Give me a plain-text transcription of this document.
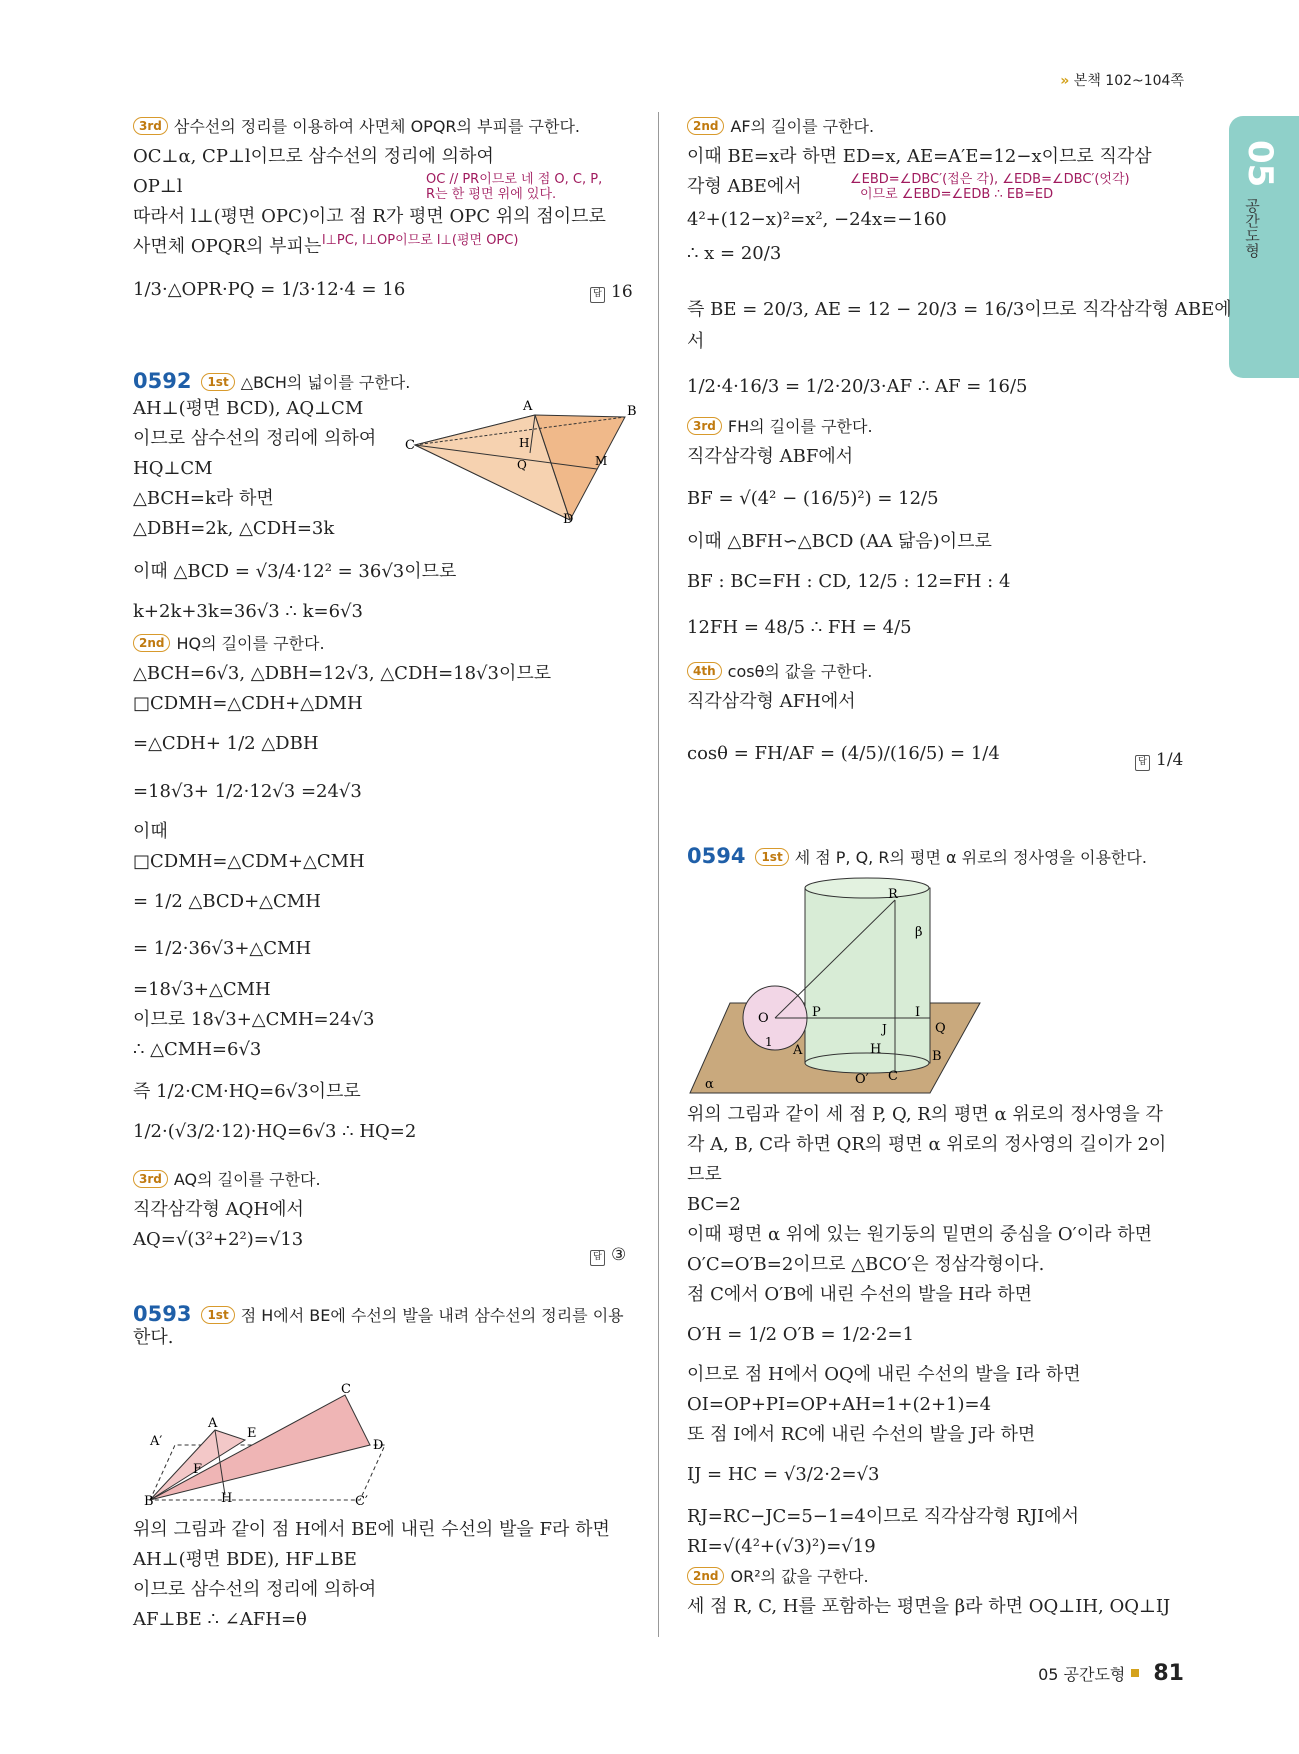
» 본책 102~104쪽
05
공간도형
3rd 삼수선의 정리를 이용하여 사면체 OPQR의 부피를 구한다.
OC⊥α, CP⊥l이므로 삼수선의 정리에 의하여
OP⊥l
따라서 l⊥(평면 OPC)이고 점 R가 평면 OPC 위의 점이므로
사면체 OPQR의 부피는
1/3·△OPR·PQ = 1/3·12·4 = 16
0592 1st △BCH의 넓이를 구한다.
AH⊥(평면 BCD), AQ⊥CM
이므로 삼수선의 정리에 의하여
HQ⊥CM
△BCH=k라 하면
△DBH=2k, △CDH=3k
이때 △BCD = √3/4·12² = 36√3이므로
k+2k+3k=36√3 ∴ k=6√3
2nd HQ의 길이를 구한다.
△BCH=6√3, △DBH=12√3, △CDH=18√3이므로
□CDMH=△CDH+△DMH
=△CDH+ 1/2 △DBH
=18√3+ 1/2·12√3 =24√3
이때
□CDMH=△CDM+△CMH
= 1/2 △BCD+△CMH
= 1/2·36√3+△CMH
=18√3+△CMH
이므로 18√3+△CMH=24√3
∴ △CMH=6√3
즉 1/2·CM·HQ=6√3이므로
1/2·(√3/2·12)·HQ=6√3 ∴ HQ=2
3rd AQ의 길이를 구한다.
직각삼각형 AQH에서
AQ=√(3²+2²)=√13
0593 1st 점 H에서 BE에 수선의 발을 내려 삼수선의 정리를 이용
한다.
위의 그림과 같이 점 H에서 BE에 내린 수선의 발을 F라 하면
AH⊥(평면 BDE), HF⊥BE
이므로 삼수선의 정리에 의하여
AF⊥BE ∴ ∠AFH=θ
2nd AF의 길이를 구한다.
이때 BE=x라 하면 ED=x, AE=A′E=12−x이므로 직각삼
각형 ABE에서
4²+(12−x)²=x², −24x=−160
∴ x = 20/3
즉 BE = 20/3, AE = 12 − 20/3 = 16/3이므로 직각삼각형 ABE에
서
1/2·4·16/3 = 1/2·20/3·AF ∴ AF = 16/5
3rd FH의 길이를 구한다.
직각삼각형 ABF에서
BF = √(4² − (16/5)²) = 12/5
이때 △BFH∽△BCD (AA 닮음)이므로
BF : BC=FH : CD, 12/5 : 12=FH : 4
12FH = 48/5 ∴ FH = 4/5
4th cosθ의 값을 구한다.
직각삼각형 AFH에서
cosθ = FH/AF = (4/5)/(16/5) = 1/4
0594 1st 세 점 P, Q, R의 평면 α 위로의 정사영을 이용한다.
위의 그림과 같이 세 점 P, Q, R의 평면 α 위로의 정사영을 각
각 A, B, C라 하면 QR의 평면 α 위로의 정사영의 길이가 2이
므로
BC=2
이때 평면 α 위에 있는 원기둥의 밑면의 중심을 O′이라 하면
O′C=O′B=2이므로 △BCO′은 정삼각형이다.
점 C에서 O′B에 내린 수선의 발을 H라 하면
O′H = 1/2 O′B = 1/2·2=1
이므로 점 H에서 OQ에 내린 수선의 발을 I라 하면
OI=OP+PI=OP+AH=1+(2+1)=4
또 점 I에서 RC에 내린 수선의 발을 J라 하면
IJ = HC = √3/2·2=√3
RJ=RC−JC=5−1=4이므로 직각삼각형 RJI에서
RI=√(4²+(√3)²)=√19
2nd OR²의 값을 구한다.
세 점 R, C, H를 포함하는 평면을 β라 하면 OQ⊥IH, OQ⊥IJ
답 16
답 ③
답 1/4
OC // PR이므로 네 점 O, C, P,
R는 한 평면 위에 있다.
l⊥PC, l⊥OP이므로 l⊥(평면 OPC)
∠EBD=∠DBC′(접은 각), ∠EDB=∠DBC′(엇각)
이므로 ∠EBD=∠EDB ∴ EB=ED
A	B
C
D
H
Q	M
C
A
E
A′	D
F
B	H	C′
R
β
O	P	I
J	Q
1
A	H	B
O′ C
α
05 공간도형 81
